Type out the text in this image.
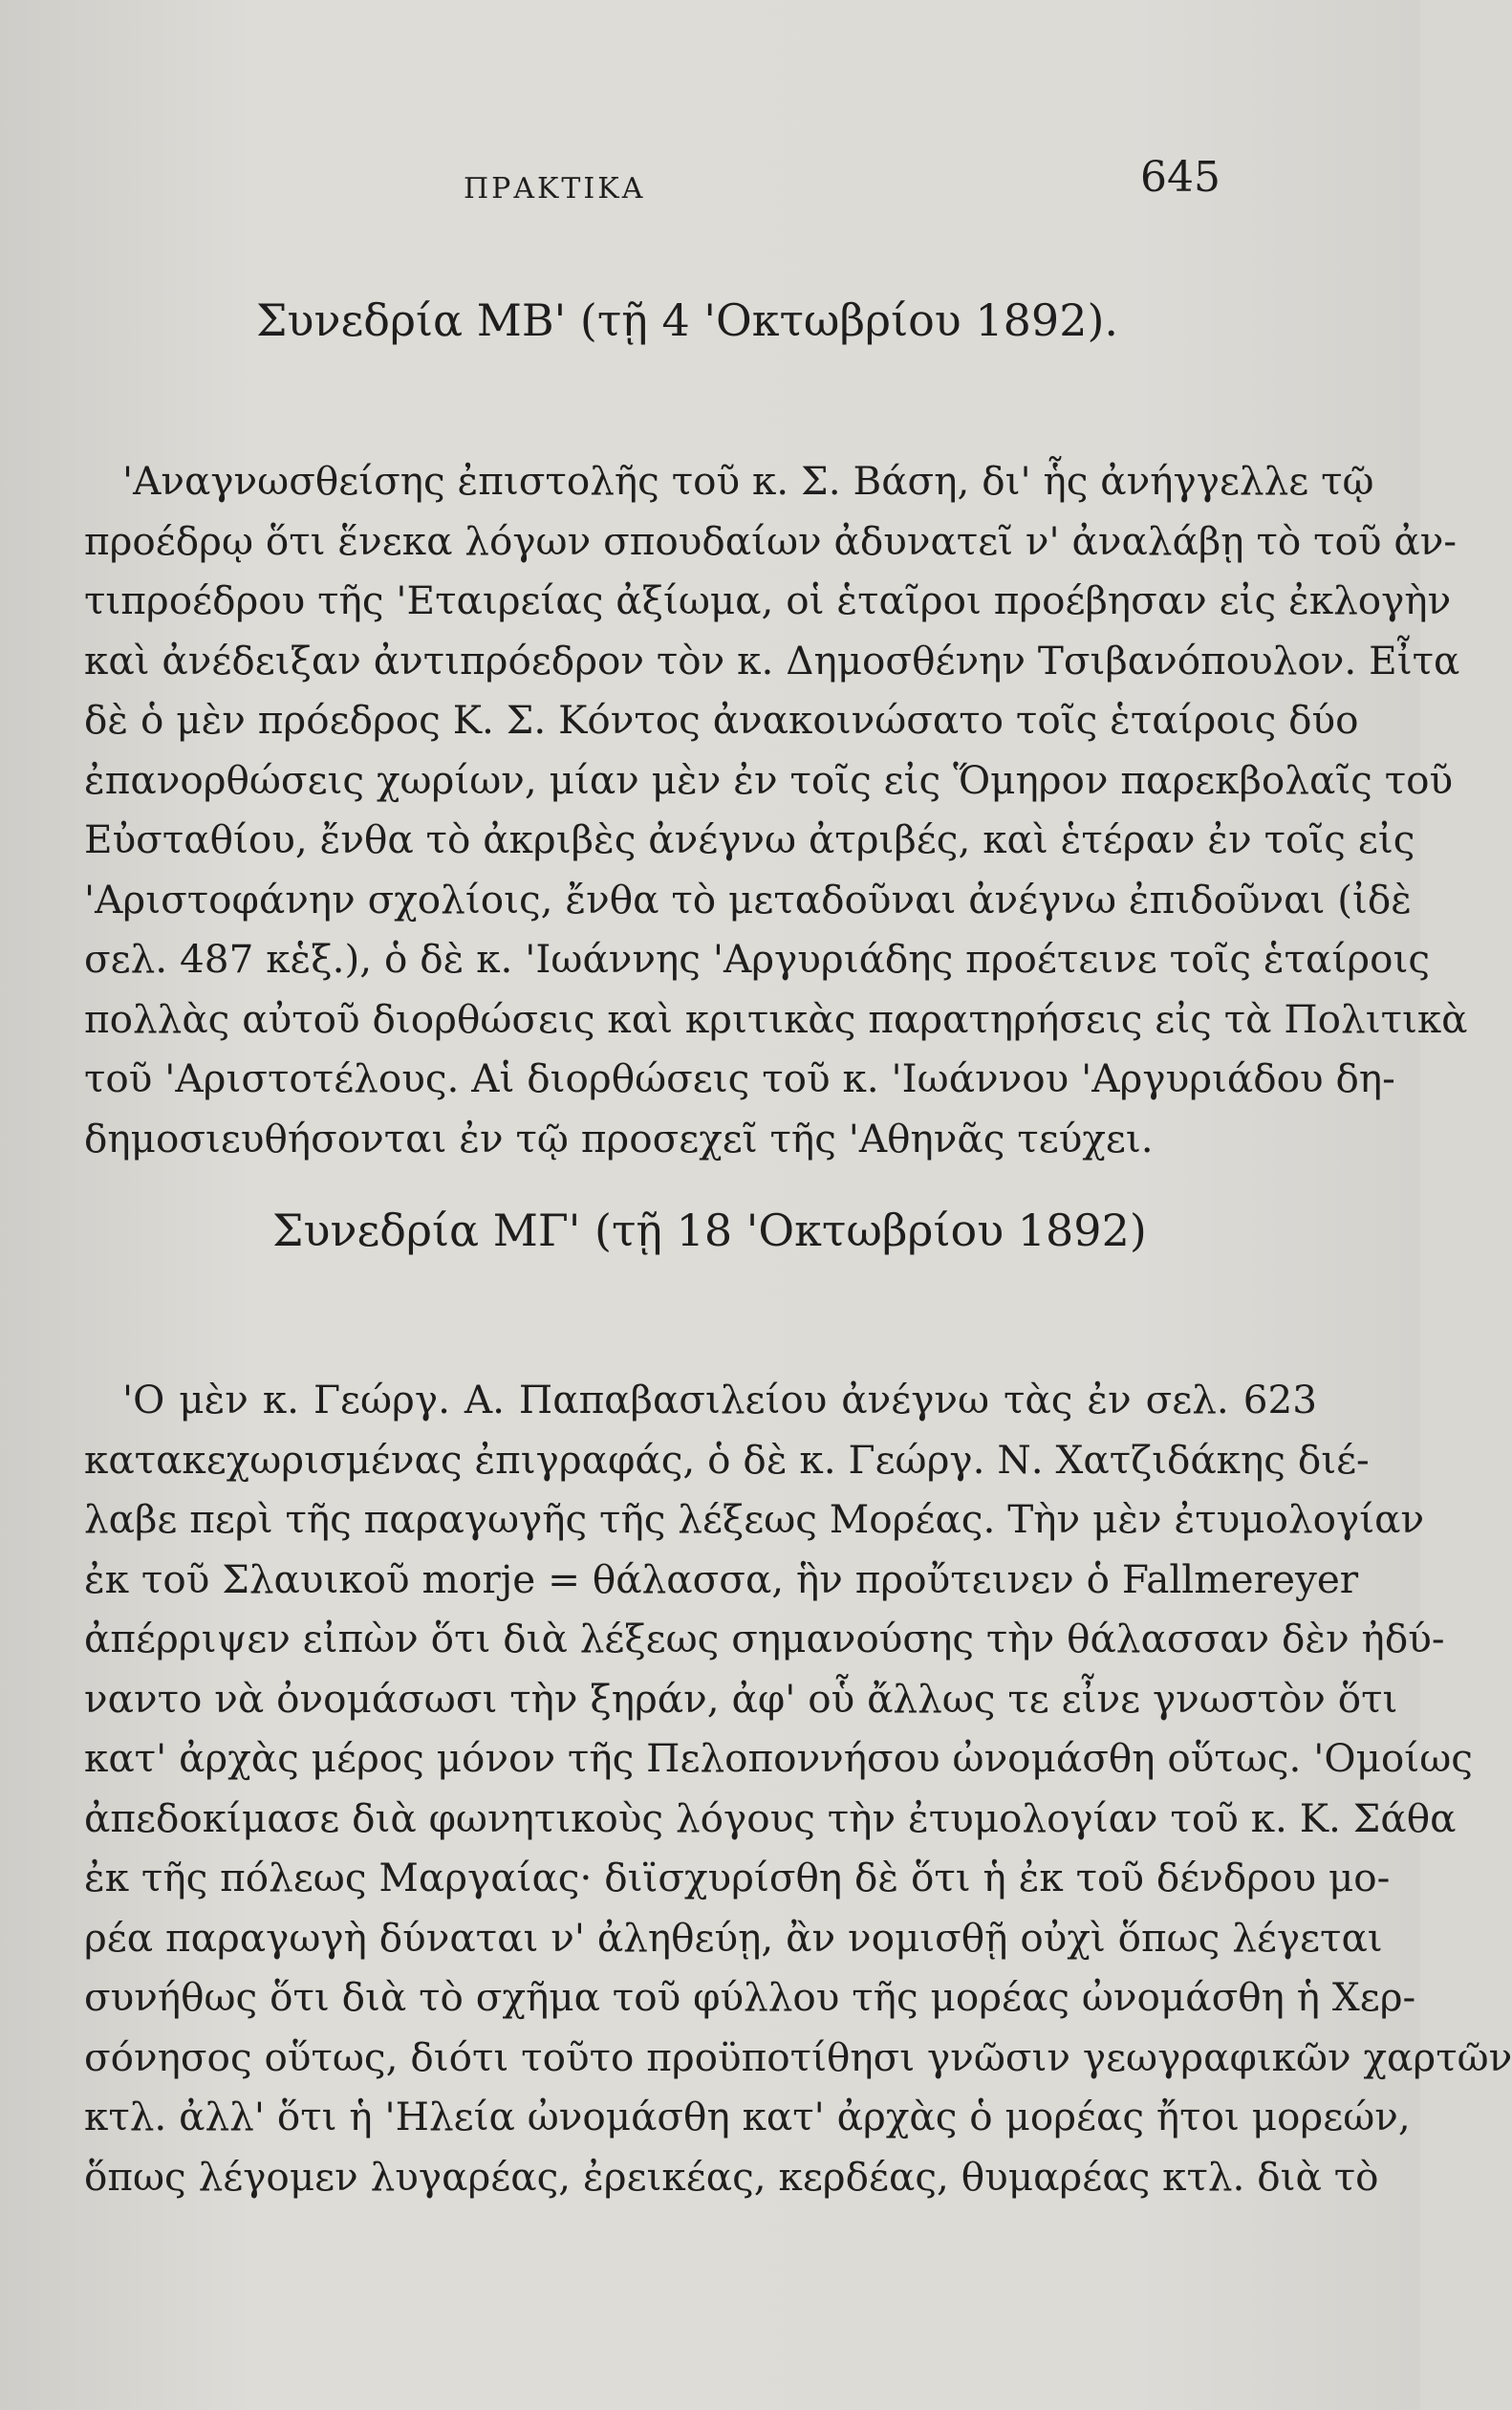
ΠΡΑΚΤΙΚΑ	645
Συνεδρία ΜΒ' (τῇ 4 'Οκτωβρίου 1892).
'Αναγνωσθείσης ἐπιστολῆς τοῦ κ. Σ. Βάση, δι' ἧς ἀνήγγελλε τῷ
προέδρῳ ὅτι ἕνεκα λόγων σπουδαίων ἀδυνατεῖ ν' ἀναλάβῃ τὸ τοῦ ἀν-
τιπροέδρου τῆς 'Εταιρείας ἀξίωμα, οἱ ἑταῖροι προέβησαν εἰς ἐκλογὴν
καὶ ἀνέδειξαν ἀντιπρόεδρον τὸν κ. Δημοσθένην Τσιβανόπουλον. Εἶτα
δὲ ὁ μὲν πρόεδρος Κ. Σ. Κόντος ἀνακοινώσατο τοῖς ἑταίροις δύο
ἐπανορθώσεις χωρίων, μίαν μὲν ἐν τοῖς εἰς Ὅμηρον παρεκβολαῖς τοῦ
Εὐσταθίου, ἔνθα τὸ ἀκριβὲς ἀνέγνω ἀτριβές, καὶ ἑτέραν ἐν τοῖς εἰς
'Αριστοφάνην σχολίοις, ἔνθα τὸ μεταδοῦναι ἀνέγνω ἐπιδοῦναι (ἰδὲ
σελ. 487 κἑξ.), ὁ δὲ κ. 'Ιωάννης 'Αργυριάδης προέτεινε τοῖς ἑταίροις
πολλὰς αὐτοῦ διορθώσεις καὶ κριτικὰς παρατηρήσεις εἰς τὰ Πολιτικὰ
τοῦ 'Αριστοτέλους. Αἱ διορθώσεις τοῦ κ. 'Ιωάννου 'Αργυριάδου δη-
δημοσιευθήσονται ἐν τῷ προσεχεῖ τῆς 'Αθηνᾶς τεύχει.
Συνεδρία ΜΓ' (τῇ 18 'Οκτωβρίου 1892)
'Ο μὲν κ. Γεώργ. Α. Παπαβασιλείου ἀνέγνω τὰς ἐν σελ. 623
κατακεχωρισμένας ἐπιγραφάς, ὁ δὲ κ. Γεώργ. Ν. Χατζιδάκης διέ-
λαβε περὶ τῆς παραγωγῆς τῆς λέξεως Μορέας. Τὴν μὲν ἐτυμολογίαν
ἐκ τοῦ Σλαυικοῦ morje = θάλασσα, ἣν προὔτεινεν ὁ Fallmereyer
ἀπέρριψεν εἰπὼν ὅτι διὰ λέξεως σημανούσης τὴν θάλασσαν δὲν ἠδύ-
ναντο νὰ ὀνομάσωσι τὴν ξηράν, ἀφ' οὗ ἄλλως τε εἶνε γνωστὸν ὅτι
κατ' ἀρχὰς μέρος μόνον τῆς Πελοποννήσου ὠνομάσθη οὕτως. 'Ομοίως
ἀπεδοκίμασε διὰ φωνητικοὺς λόγους τὴν ἐτυμολογίαν τοῦ κ. Κ. Σάθα
ἐκ τῆς πόλεως Μαργαίας· διϊσχυρίσθη δὲ ὅτι ἡ ἐκ τοῦ δένδρου μο-
ρέα παραγωγὴ δύναται ν' ἀληθεύῃ, ἂν νομισθῇ οὐχὶ ὅπως λέγεται
συνήθως ὅτι διὰ τὸ σχῆμα τοῦ φύλλου τῆς μορέας ὠνομάσθη ἡ Χερ-
σόνησος οὕτως, διότι τοῦτο προϋποτίθησι γνῶσιν γεωγραφικῶν χαρτῶν
κτλ. ἀλλ' ὅτι ἡ 'Ηλεία ὠνομάσθη κατ' ἀρχὰς ὁ μορέας ἤτοι μορεών,
ὅπως λέγομεν λυγαρέας, ἐρεικέας, κερδέας, θυμαρέας κτλ. διὰ τὸ
